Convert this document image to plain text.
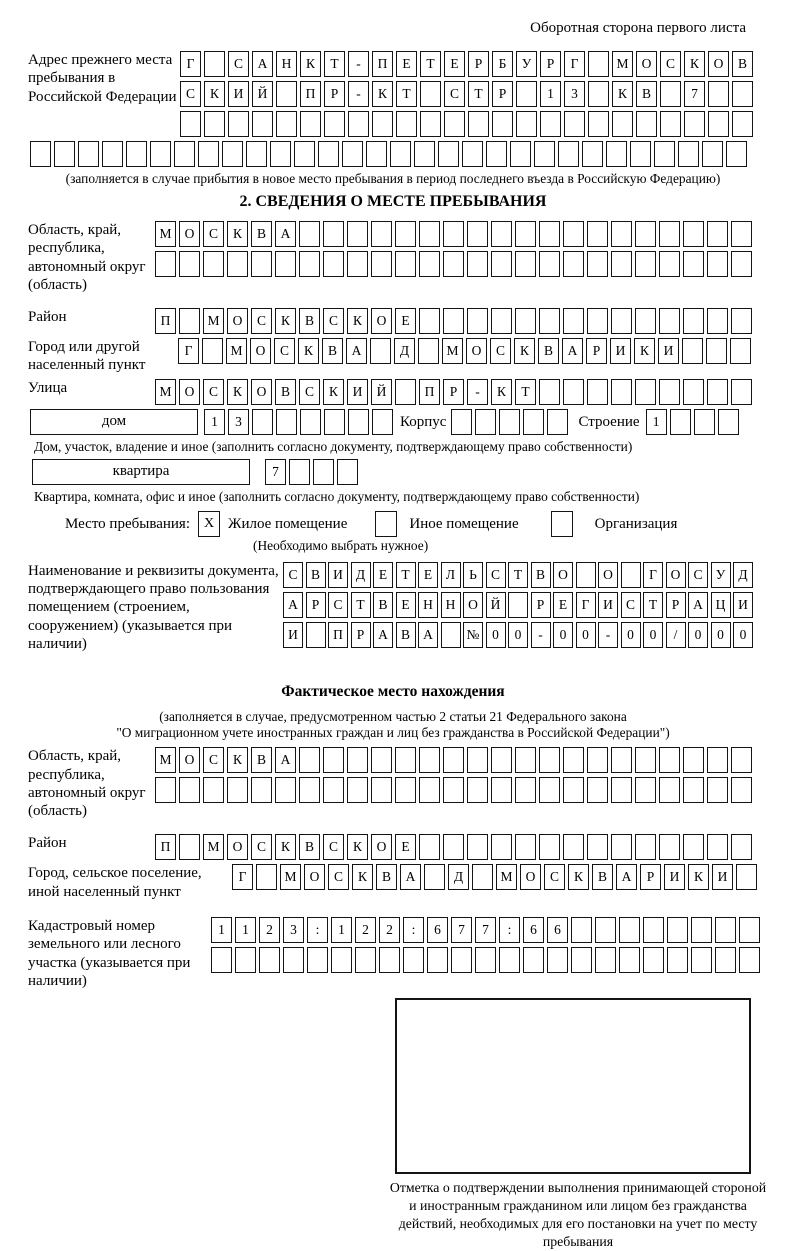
Оборотная сторона первого листа
Адрес прежнего места пребывания в Российской Федерации
Г	С	А	Н	К	Т	-	П	Е	Т	Е	Р	Б	У	Р	Г	М О	С	К	О	В
С	К	И	Й	П	Р	-	К	Т	С	Т	Р	1	3	К	В	7
(заполняется в случае прибытия в новое место пребывания в период последнего въезда в Российскую Федерацию)
2. СВЕДЕНИЯ О МЕСТЕ ПРЕБЫВАНИЯ
Область, край, республика, автономный округ (область)
М О	С	К	В	А
Район	П	М О	С	К	В	С	К	О	Е
Город или другой населенный пункт
Г	М О	С	К	В	А	Д	М О	С	К	В	А	Р	И	К	И
Улица	М О	С	К	О	В	С	К	И	Й	П	Р	-	К	Т
дом	1	3	Корпус	Строение 1
Дом, участок, владение и иное (заполнить согласно документу, подтверждающему право собственности)
квартира	7
Квартира, комната, офис и иное (заполнить согласно документу, подтверждающему право собственности)
Место пребывания: X Жилое помещение	Иное помещение	Организация
(Необходимо выбрать нужное)
Наименование и реквизиты документа, подтверждающего право пользования помещением (строением, сооружением) (указывается при наличии)
С В И Д	Е	Т	Е	Л	Ь	С	Т	В О	О	Г	О С У Д
А	Р	С	Т	В	Е	Н Н О Й	Р	Е	Г	И С	Т	Р	А Ц И
И	П	Р	А В А	№ 0	0	-	0	0	-	0	0	/	0	0	0
Фактическое место нахождения
(заполняется в случае, предусмотренном частью 2 статьи 21 Федерального закона
"О миграционном учете иностранных граждан и лиц без гражданства в Российской Федерации")
Область, край, республика, автономный округ (область)
М О	С	К	В	А
Район	П	М О	С	К	В	С	К	О	Е
Город, сельское поселение, иной населенный пункт
Г	М О	С	К	В	А	Д	М О	С	К	В	А	Р	И	К	И
Кадастровый номер земельного или лесного участка (указывается при наличии)
1	1	2	3	:	1	2	2	:	6	7	7	:	6	6
Отметка о подтверждении выполнения принимающей стороной и иностранным гражданином или лицом без гражданства действий, необходимых для его постановки на учет по месту пребывания
